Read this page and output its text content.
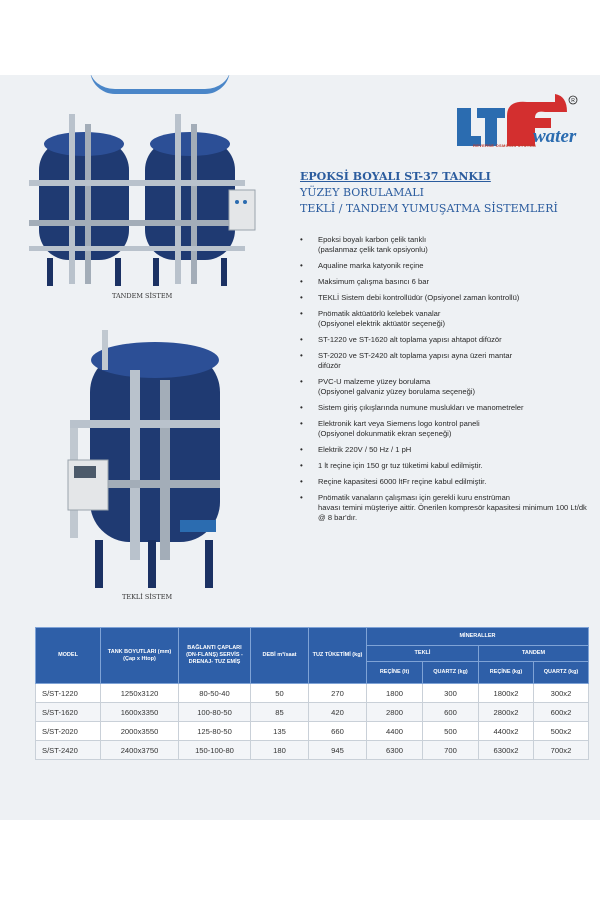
R
water
REVERSE OSMOSIS SYSTEM
EPOKSİ BOYALI ST-37 TANKLI
YÜZEY BORULAMALI
TEKLİ / TANDEM YUMUŞATMA SİSTEMLERİ
TANDEM SİSTEM
TEKLİ SİSTEM
• Epoksi boyalı karbon çelik tanklı
(paslanmaz çelik tank opsiyonlu)
• Aqualine marka katyonik reçine
• Maksimum çalışma basıncı 6 bar
• TEKLİ Sistem debi kontrollüdür (Opsiyonel zaman kontrollü)
• Pnömatik aktüatörlü kelebek vanalar
(Opsiyonel elektrik aktüatör seçeneği)
• ST-1220 ve ST-1620 alt toplama yapısı ahtapot difüzör
• ST-2020 ve ST-2420 alt toplama yapısı ayna üzeri mantar
difüzör
• PVC-U malzeme yüzey borulama
(Opsiyonel galvaniz yüzey borulama seçeneği)
• Sistem giriş çıkışlarında numune muslukları ve manometreler
• Elektronik kart veya Siemens logo kontrol paneli
(Opsiyonel dokunmatik ekran seçeneği)
• Elektrik 220V / 50 Hz / 1 pH
• 1 lt reçine için 150 gr tuz tüketimi kabul edilmiştir.
• Reçine kapasitesi 6000 ltFr reçine kabul edilmiştir.
• Pnömatik vanaların çalışması için gerekli kuru enstrüman
havası temini müşteriye aittir. Önerilen kompresör kapasitesi minimum 100 Lt/dk @ 8 bar'dır.
MODEL	TANK BOYUTLARI (mm) (Çap x Htop)	BAĞLANTI ÇAPLARI (DN-FLANŞ) SERVİS - DRENAJ- TUZ EMİŞ	DEBİ m³/saat	TUZ TÜKETİMİ (kg)	MİNERALLER			
					TEKLİ		TANDEM	
					REÇİNE (lt)	QUARTZ (kg)	REÇİNE (kg)	QUARTZ (kg)
S/ST-1220	1250x3120	80-50-40	50	270	1800	300	1800x2	300x2
S/ST-1620	1600x3350	100-80-50	85	420	2800	600	2800x2	600x2
S/ST-2020	2000x3550	125-80-50	135	660	4400	500	4400x2	500x2
S/ST-2420	2400x3750	150-100-80	180	945	6300	700	6300x2	700x2
